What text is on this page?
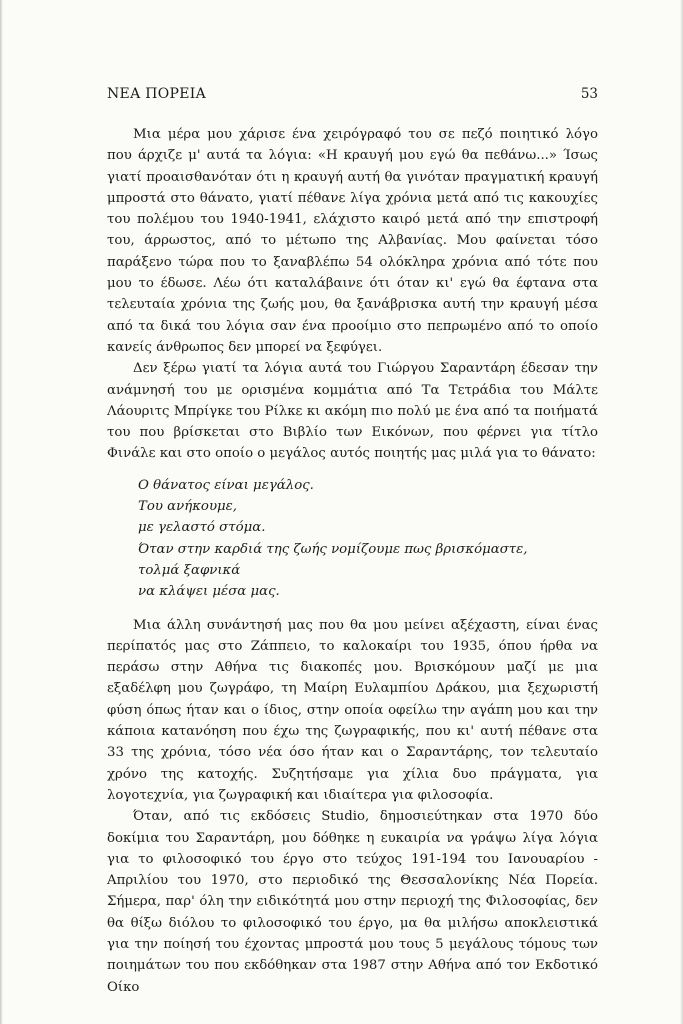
ΝΕΑ ΠΟΡΕΙΑ	53

Μια μέρα μου χάρισε ένα χειρόγραφό του σε πεζό ποιητικό λόγο που άρχιζε μ' αυτά τα λόγια: «Η κραυγή μου εγώ θα πεθάνω...» Ίσως γιατί προαισθανόταν ότι η κραυγή αυτή θα γινόταν πραγματική κραυγή μπροστά στο θάνατο, γιατί πέθανε λίγα χρόνια μετά από τις κακουχίες του πολέμου του 1940-1941, ελάχιστο καιρό μετά από την επιστροφή του, άρρωστος, από το μέτωπο της Αλβανίας. Μου φαίνεται τόσο παράξενο τώρα που το ξαναβλέπω 54 ολόκληρα χρόνια από τότε που μου το έδωσε. Λέω ότι καταλάβαινε ότι όταν κι' εγώ θα έφτανα στα τελευταία χρόνια της ζωής μου, θα ξανάβρισκα αυτή την κραυγή μέσα από τα δικά του λόγια σαν ένα προοίμιο στο πεπρωμένο από το οποίο κανείς άνθρωπος δεν μπορεί να ξεφύγει.

Δεν ξέρω γιατί τα λόγια αυτά του Γιώργου Σαραντάρη έδεσαν την ανάμνησή του με ορισμένα κομμάτια από Τα Τετράδια του Μάλτε Λάουριτς Μπρίγκε του Ρίλκε κι ακόμη πιο πολύ με ένα από τα ποιήματά του που βρίσκεται στο Βιβλίο των Εικόνων, που φέρνει για τίτλο Φινάλε και στο οποίο ο μεγάλος αυτός ποιητής μας μιλά για το θάνατο:

Ο θάνατος είναι μεγάλος.
Του ανήκουμε,
με γελαστό στόμα.
Όταν στην καρδιά της ζωής νομίζουμε πως βρισκόμαστε,
τολμά ξαφνικά
να κλάψει μέσα μας.

Μια άλλη συνάντησή μας που θα μου μείνει αξέχαστη, είναι ένας περίπατός μας στο Ζάππειο, το καλοκαίρι του 1935, όπου ήρθα να περάσω στην Αθήνα τις διακοπές μου. Βρισκόμουν μαζί με μια εξαδέλφη μου ζωγράφο, τη Μαίρη Ευλαμπίου Δράκου, μια ξεχωριστή φύση όπως ήταν και ο ίδιος, στην οποία οφείλω την αγάπη μου και την κάποια κατανόηση που έχω της ζωγραφικής, που κι' αυτή πέθανε στα 33 της χρόνια, τόσο νέα όσο ήταν και ο Σαραντάρης, τον τελευταίο χρόνο της κατοχής. Συζητήσαμε για χίλια δυο πράγματα, για λογοτεχνία, για ζωγραφική και ιδιαίτερα για φιλοσοφία.

Όταν, από τις εκδόσεις Studio, δημοσιεύτηκαν στα 1970 δύο δοκίμια του Σαραντάρη, μου δόθηκε η ευκαιρία να γράψω λίγα λόγια για το φιλοσοφικό του έργο στο τεύχος 191-194 του Ιανουαρίου - Απριλίου του 1970, στο περιοδικό της Θεσσαλονίκης Νέα Πορεία. Σήμερα, παρ' όλη την ειδικότητά μου στην περιοχή της Φιλοσοφίας, δεν θα θίξω διόλου το φιλοσοφικό του έργο, μα θα μιλήσω αποκλειστικά για την ποίησή του έχοντας μπροστά μου τους 5 μεγάλους τόμους των ποιημάτων του που εκδόθηκαν στα 1987 στην Αθήνα από τον Εκδοτικό Οίκο
